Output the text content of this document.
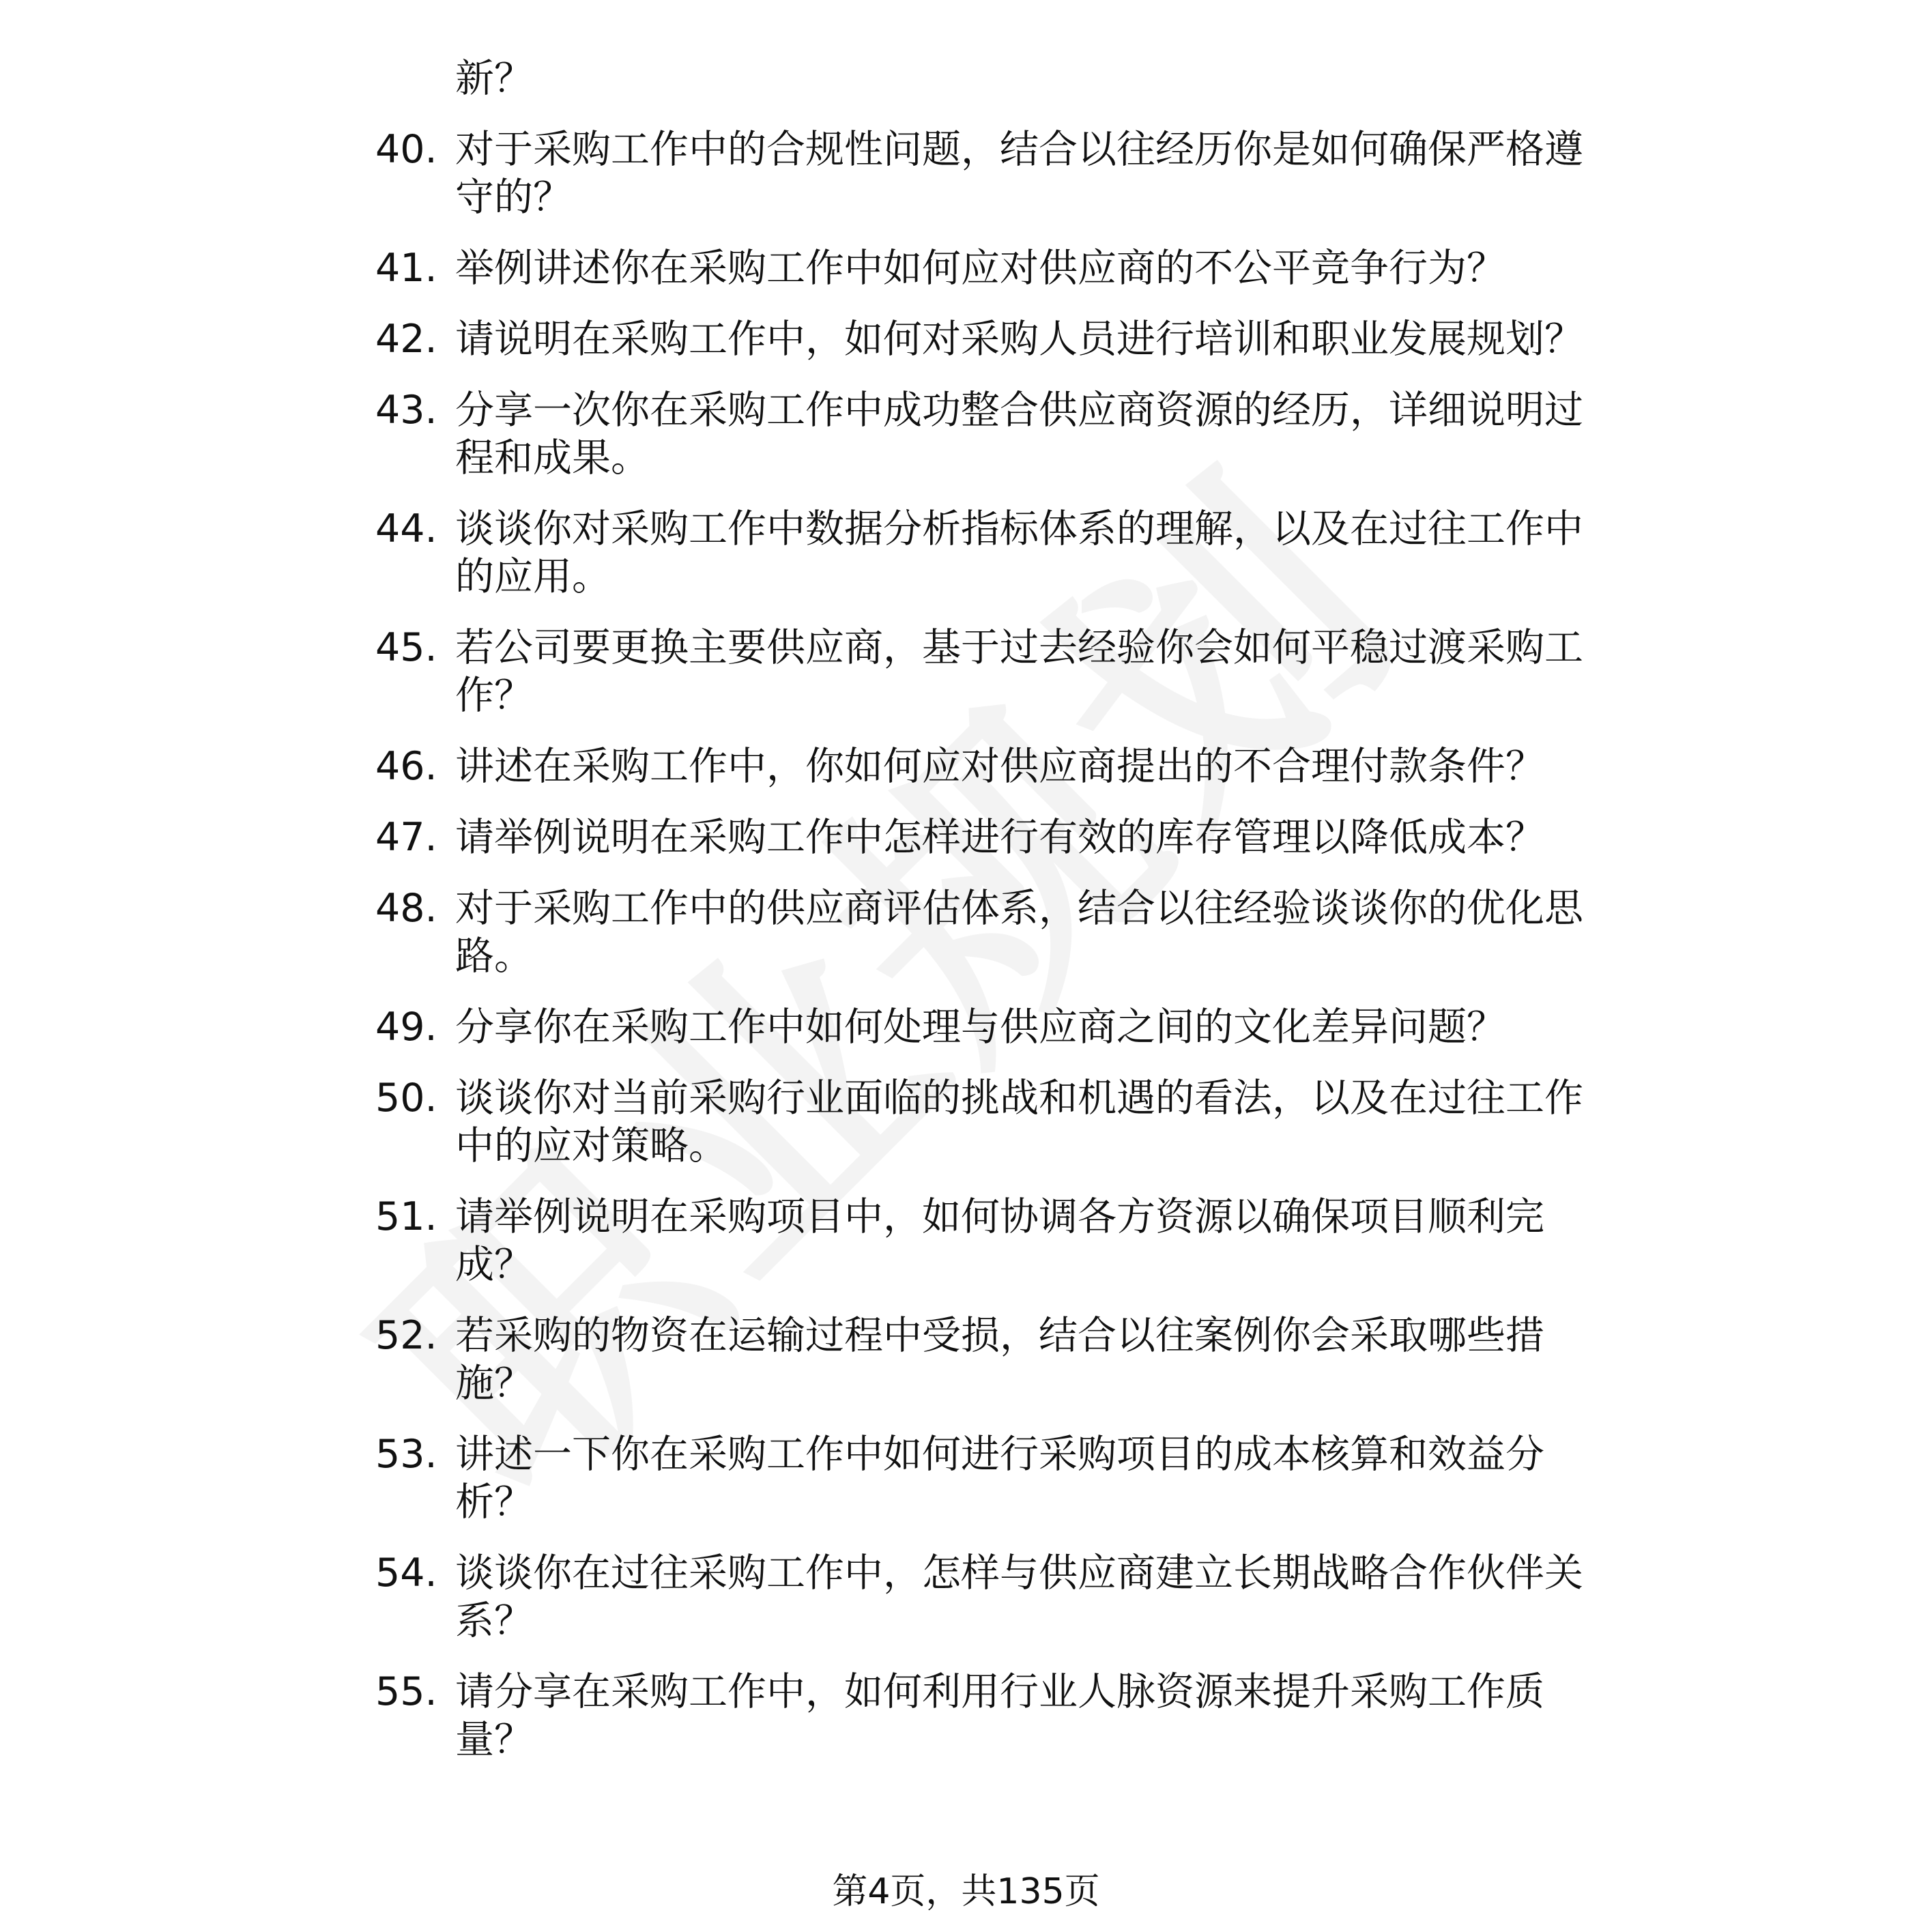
新？
40. 对于采购工作中的合规性问题，结合以往经历你是如何确保严格遵守的？
41. 举例讲述你在采购工作中如何应对供应商的不公平竞争行为？
42. 请说明在采购工作中，如何对采购人员进行培训和职业发展规划？
43. 分享一次你在采购工作中成功整合供应商资源的经历，详细说明过程和成果。
44. 谈谈你对采购工作中数据分析指标体系的理解，以及在过往工作中的应用。
45. 若公司要更换主要供应商，基于过去经验你会如何平稳过渡采购工作？
46. 讲述在采购工作中，你如何应对供应商提出的不合理付款条件？
47. 请举例说明在采购工作中怎样进行有效的库存管理以降低成本？
48. 对于采购工作中的供应商评估体系，结合以往经验谈谈你的优化思路。
49. 分享你在采购工作中如何处理与供应商之间的文化差异问题？
50. 谈谈你对当前采购行业面临的挑战和机遇的看法，以及在过往工作中的应对策略。
51. 请举例说明在采购项目中，如何协调各方资源以确保项目顺利完成？
52. 若采购的物资在运输过程中受损，结合以往案例你会采取哪些措施？
53. 讲述一下你在采购工作中如何进行采购项目的成本核算和效益分析？
54. 谈谈你在过往采购工作中，怎样与供应商建立长期战略合作伙伴关系？
55. 请分享在采购工作中，如何利用行业人脉资源来提升采购工作质量？
第4页，共135页
